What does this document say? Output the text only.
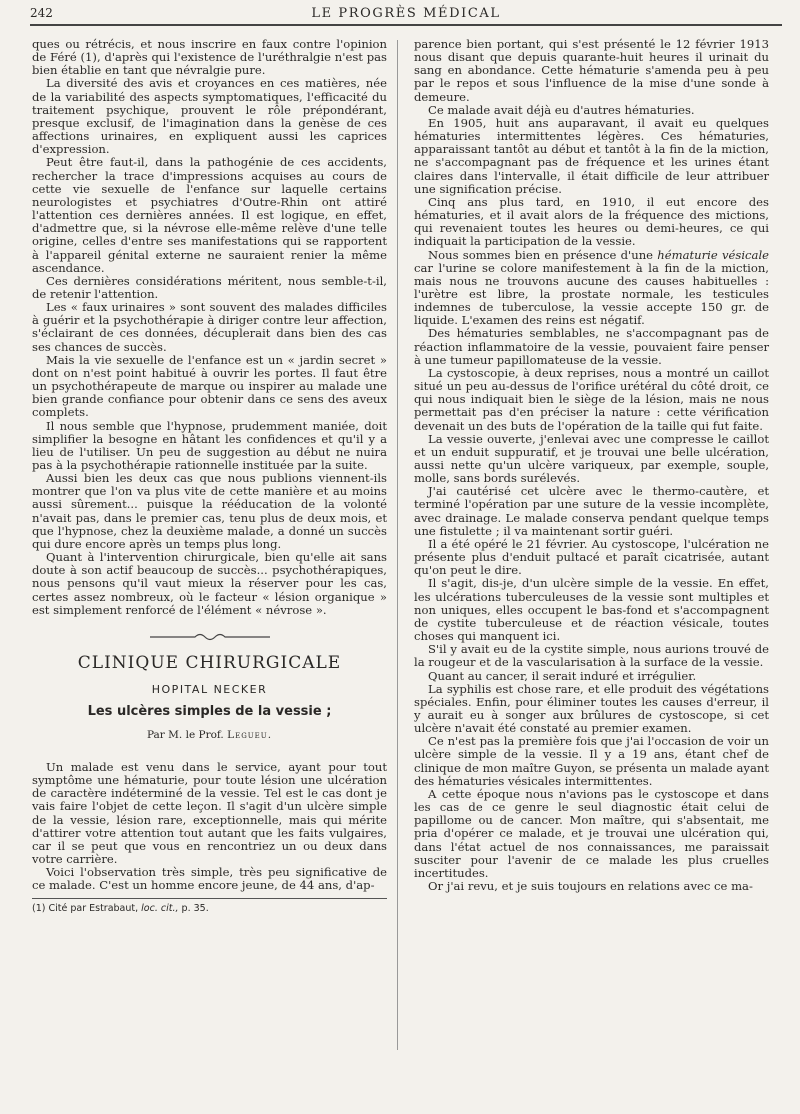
242	LE PROGRÈS MÉDICAL

ques ou rétrécis, et nous inscrire en faux contre l'opinion de Féré (1), d'après qui l'existence de l'uréthralgie n'est pas bien établie en tant que névralgie pure.

La diversité des avis et croyances en ces matières, née de la variabilité des aspects symptomatiques, l'efficacité du traitement psychique, prouvent le rôle prépondérant, presque exclusif, de l'imagination dans la genèse de ces affections urinaires, en expliquent aussi les caprices d'expression.

Peut être faut-il, dans la pathogénie de ces accidents, rechercher la trace d'impressions acquises au cours de cette vie sexuelle de l'enfance sur laquelle certains neurologistes et psychiatres d'Outre-Rhin ont attiré l'attention ces dernières années. Il est logique, en effet, d'admettre que, si la névrose elle-même relève d'une telle origine, celles d'entre ses manifestations qui se rapportent à l'appareil génital externe ne sauraient renier la même ascendance.

Ces dernières considérations méritent, nous semble-t-il, de retenir l'attention.

Les « faux urinaires » sont souvent des malades difficiles à guérir et la psychothérapie à diriger contre leur affection, s'éclairant de ces données, décuplerait dans bien des cas ses chances de succès.

Mais la vie sexuelle de l'enfance est un « jardin secret » dont on n'est point habitué à ouvrir les portes. Il faut être un psychothérapeute de marque ou inspirer au malade une bien grande confiance pour obtenir dans ce sens des aveux complets.

Il nous semble que l'hypnose, prudemment maniée, doit simplifier la besogne en hâtant les confidences et qu'il y a lieu de l'utiliser. Un peu de suggestion au début ne nuira pas à la psychothérapie rationnelle instituée par la suite.

Aussi bien les deux cas que nous publions viennent-ils montrer que l'on va plus vite de cette manière et au moins aussi sûrement... puisque la rééducation de la volonté n'avait pas, dans le premier cas, tenu plus de deux mois, et que l'hypnose, chez la deuxième malade, a donné un succès qui dure encore après un temps plus long.

Quant à l'intervention chirurgicale, bien qu'elle ait sans doute à son actif beaucoup de succès... psychothérapiques, nous pensons qu'il vaut mieux la réserver pour les cas, certes assez nombreux, où le facteur « lésion organique » est simplement renforcé de l'élément « névrose ».

CLINIQUE CHIRURGICALE
HOPITAL NECKER
Les ulcères simples de la vessie ;
Par M. le Prof. Legueu.

Un malade est venu dans le service, ayant pour tout symptôme une hématurie, pour toute lésion une ulcération de caractère indéterminé de la vessie. Tel est le cas dont je vais faire l'objet de cette leçon. Il s'agit d'un ulcère simple de la vessie, lésion rare, exceptionnelle, mais qui mérite d'attirer votre attention tout autant que les faits vulgaires, car il se peut que vous en rencontriez un ou deux dans votre carrière.

Voici l'observation très simple, très peu significative de ce malade. C'est un homme encore jeune, de 44 ans, d'ap-

(1) Cité par Estrabaut, loc. cit., p. 35.

parence bien portant, qui s'est présenté le 12 février 1913 nous disant que depuis quarante-huit heures il urinait du sang en abondance. Cette hématurie s'amenda peu à peu par le repos et sous l'influence de la mise d'une sonde à demeure.

Ce malade avait déjà eu d'autres hématuries.

En 1905, huit ans auparavant, il avait eu quelques hématuries intermittentes légères. Ces hématuries, apparaissant tantôt au début et tantôt à la fin de la miction, ne s'accompagnant pas de fréquence et les urines étant claires dans l'intervalle, il était difficile de leur attribuer une signification précise.

Cinq ans plus tard, en 1910, il eut encore des hématuries, et il avait alors de la fréquence des mictions, qui revenaient toutes les heures ou demi-heures, ce qui indiquait la participation de la vessie.

Nous sommes bien en présence d'une hématurie vésicale car l'urine se colore manifestement à la fin de la miction, mais nous ne trouvons aucune des causes habituelles : l'urètre est libre, la prostate normale, les testicules indemnes de tuberculose, la vessie accepte 150 gr. de liquide. L'examen des reins est négatif.

Des hématuries semblables, ne s'accompagnant pas de réaction inflammatoire de la vessie, pouvaient faire penser à une tumeur papillomateuse de la vessie.

La cystoscopie, à deux reprises, nous a montré un caillot situé un peu au-dessus de l'orifice urétéral du côté droit, ce qui nous indiquait bien le siège de la lésion, mais ne nous permettait pas d'en préciser la nature : cette vérification devenait un des buts de l'opération de la taille qui fut faite.

La vessie ouverte, j'enlevai avec une compresse le caillot et un enduit suppuratif, et je trouvai une belle ulcération, aussi nette qu'un ulcère variqueux, par exemple, souple, molle, sans bords surélevés.

J'ai cautérisé cet ulcère avec le thermo-cautère, et terminé l'opération par une suture de la vessie incomplète, avec drainage. Le malade conserva pendant quelque temps une fistulette ; il va maintenant sortir guéri.

Il a été opéré le 21 février. Au cystoscope, l'ulcération ne présente plus d'enduit pultacé et paraît cicatrisée, autant qu'on peut le dire.

Il s'agit, dis-je, d'un ulcère simple de la vessie. En effet, les ulcérations tuberculeuses de la vessie sont multiples et non uniques, elles occupent le bas-fond et s'accompagnent de cystite tuberculeuse et de réaction vésicale, toutes choses qui manquent ici.

S'il y avait eu de la cystite simple, nous aurions trouvé de la rougeur et de la vascularisation à la surface de la vessie.

Quant au cancer, il serait induré et irrégulier.

La syphilis est chose rare, et elle produit des végétations spéciales. Enfin, pour éliminer toutes les causes d'erreur, il y aurait eu à songer aux brûlures de cystoscope, si cet ulcère n'avait été constaté au premier examen.

Ce n'est pas la première fois que j'ai l'occasion de voir un ulcère simple de la vessie. Il y a 19 ans, étant chef de clinique de mon maître Guyon, se présenta un malade ayant des hématuries vésicales intermittentes.

A cette époque nous n'avions pas le cystoscope et dans les cas de ce genre le seul diagnostic était celui de papillome ou de cancer. Mon maître, qui s'absentait, me pria d'opérer ce malade, et je trouvai une ulcération qui, dans l'état actuel de nos connaissances, me paraissait susciter pour l'avenir de ce malade les plus cruelles incertitudes.

Or j'ai revu, et je suis toujours en relations avec ce ma-
